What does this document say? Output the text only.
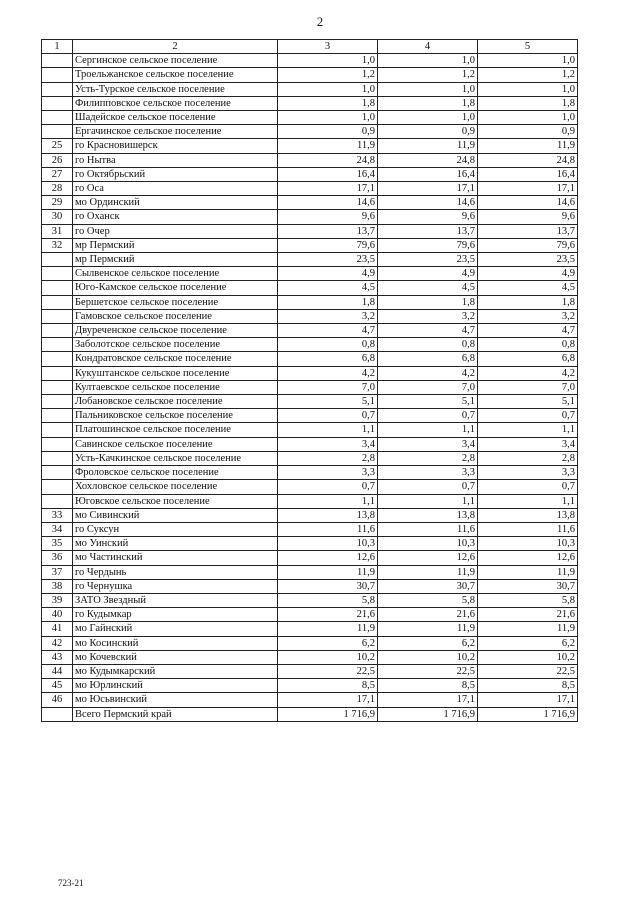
2
1	2	3	4	5
	Сергинское сельское поселение	1,0	1,0	1,0
	Троельжанское сельское поселение	1,2	1,2	1,2
	Усть-Турское сельское поселение	1,0	1,0	1,0
	Филипповское сельское поселение	1,8	1,8	1,8
	Шадейское сельское поселение	1,0	1,0	1,0
	Ергачинское сельское поселение	0,9	0,9	0,9
25	го Красновишерск	11,9	11,9	11,9
26	го Нытва	24,8	24,8	24,8
27	го Октябрьский	16,4	16,4	16,4
28	го Оса	17,1	17,1	17,1
29	мо Ординский	14,6	14,6	14,6
30	го Оханск	9,6	9,6	9,6
31	го Очер	13,7	13,7	13,7
32	мр Пермский	79,6	79,6	79,6
	мр Пермский	23,5	23,5	23,5
	Сылвенское сельское поселение	4,9	4,9	4,9
	Юго-Камское сельское поселение	4,5	4,5	4,5
	Бершетское сельское поселение	1,8	1,8	1,8
	Гамовское сельское поселение	3,2	3,2	3,2
	Двуреченское сельское поселение	4,7	4,7	4,7
	Заболотское сельское поселение	0,8	0,8	0,8
	Кондратовское сельское поселение	6,8	6,8	6,8
	Кукуштанское сельское поселение	4,2	4,2	4,2
	Култаевское сельское поселение	7,0	7,0	7,0
	Лобановское сельское поселение	5,1	5,1	5,1
	Пальниковское сельское поселение	0,7	0,7	0,7
	Платошинское сельское поселение	1,1	1,1	1,1
	Савинское сельское поселение	3,4	3,4	3,4
	Усть-Качкинское сельское поселение	2,8	2,8	2,8
	Фроловское сельское поселение	3,3	3,3	3,3
	Хохловское сельское поселение	0,7	0,7	0,7
	Юговское сельское поселение	1,1	1,1	1,1
33	мо Сивинский	13,8	13,8	13,8
34	го Суксун	11,6	11,6	11,6
35	мо Уинский	10,3	10,3	10,3
36	мо Частинский	12,6	12,6	12,6
37	го Чердынь	11,9	11,9	11,9
38	го Чернушка	30,7	30,7	30,7
39	ЗАТО Звездный	5,8	5,8	5,8
40	го Кудымкар	21,6	21,6	21,6
41	мо Гайнский	11,9	11,9	11,9
42	мо Косинский	6,2	6,2	6,2
43	мо Кочевский	10,2	10,2	10,2
44	мо Кудымкарский	22,5	22,5	22,5
45	мо Юрлинский	8,5	8,5	8,5
46	мо Юсьвинский	17,1	17,1	17,1
	Всего Пермский край	1 716,9	1 716,9	1 716,9
723-21
